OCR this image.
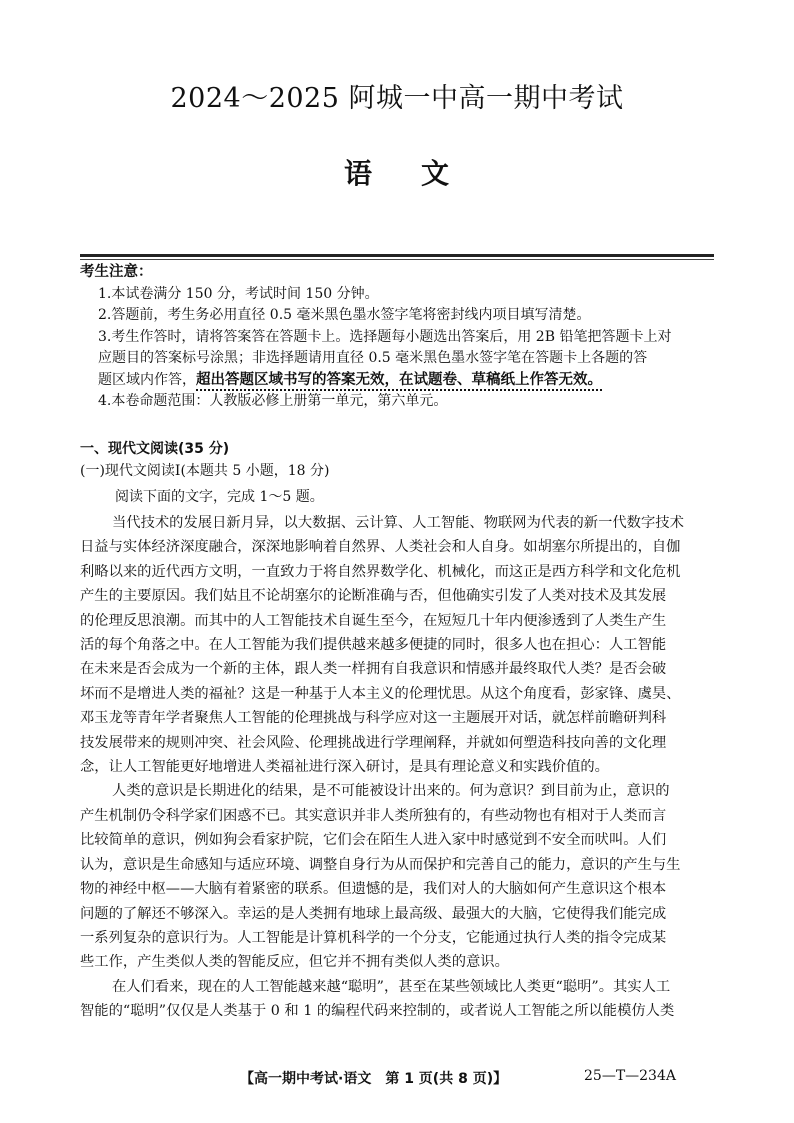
2024～2025 阿城一中高一期中考试
语 文
考生注意：
1.本试卷满分 150 分，考试时间 150 分钟。
2.答题前，考生务必用直径 0.5 毫米黑色墨水签字笔将密封线内项目填写清楚。
3.考生作答时，请将答案答在答题卡上。选择题每小题选出答案后，用 2B 铅笔把答题卡上对
应题目的答案标号涂黑；非选择题请用直径 0.5 毫米黑色墨水签字笔在答题卡上各题的答
题区域内作答，超出答题区域书写的答案无效，在试题卷、草稿纸上作答无效。
4.本卷命题范围：人教版必修上册第一单元，第六单元。
一、现代文阅读(35 分)
(一)现代文阅读Ⅰ(本题共 5 小题，18 分)
阅读下面的文字，完成 1～5 题。
当代技术的发展日新月异，以大数据、云计算、人工智能、物联网为代表的新一代数字技术
日益与实体经济深度融合，深深地影响着自然界、人类社会和人自身。如胡塞尔所提出的，自伽
利略以来的近代西方文明，一直致力于将自然界数学化、机械化，而这正是西方科学和文化危机
产生的主要原因。我们姑且不论胡塞尔的论断准确与否，但他确实引发了人类对技术及其发展
的伦理反思浪潮。而其中的人工智能技术自诞生至今，在短短几十年内便渗透到了人类生产生
活的每个角落之中。在人工智能为我们提供越来越多便捷的同时，很多人也在担心：人工智能
在未来是否会成为一个新的主体，跟人类一样拥有自我意识和情感并最终取代人类？是否会破
坏而不是增进人类的福祉？这是一种基于人本主义的伦理忧思。从这个角度看，彭家锋、虞昊、
邓玉龙等青年学者聚焦人工智能的伦理挑战与科学应对这一主题展开对话，就怎样前瞻研判科
技发展带来的规则冲突、社会风险、伦理挑战进行学理阐释，并就如何塑造科技向善的文化理
念，让人工智能更好地增进人类福祉进行深入研讨，是具有理论意义和实践价值的。
人类的意识是长期进化的结果，是不可能被设计出来的。何为意识？到目前为止，意识的
产生机制仍令科学家们困惑不已。其实意识并非人类所独有的，有些动物也有相对于人类而言
比较简单的意识，例如狗会看家护院，它们会在陌生人进入家中时感觉到不安全而吠叫。人们
认为，意识是生命感知与适应环境、调整自身行为从而保护和完善自己的能力，意识的产生与生
物的神经中枢——大脑有着紧密的联系。但遗憾的是，我们对人的大脑如何产生意识这个根本
问题的了解还不够深入。幸运的是人类拥有地球上最高级、最强大的大脑，它使得我们能完成
一系列复杂的意识行为。人工智能是计算机科学的一个分支，它能通过执行人类的指令完成某
些工作，产生类似人类的智能反应，但它并不拥有类似人类的意识。
在人们看来，现在的人工智能越来越“聪明”，甚至在某些领域比人类更“聪明”。其实人工
智能的“聪明”仅仅是人类基于 0 和 1 的编程代码来控制的，或者说人工智能之所以能模仿人类
【高一期中考试·语文　第 1 页(共 8 页)】	25—T—234A
